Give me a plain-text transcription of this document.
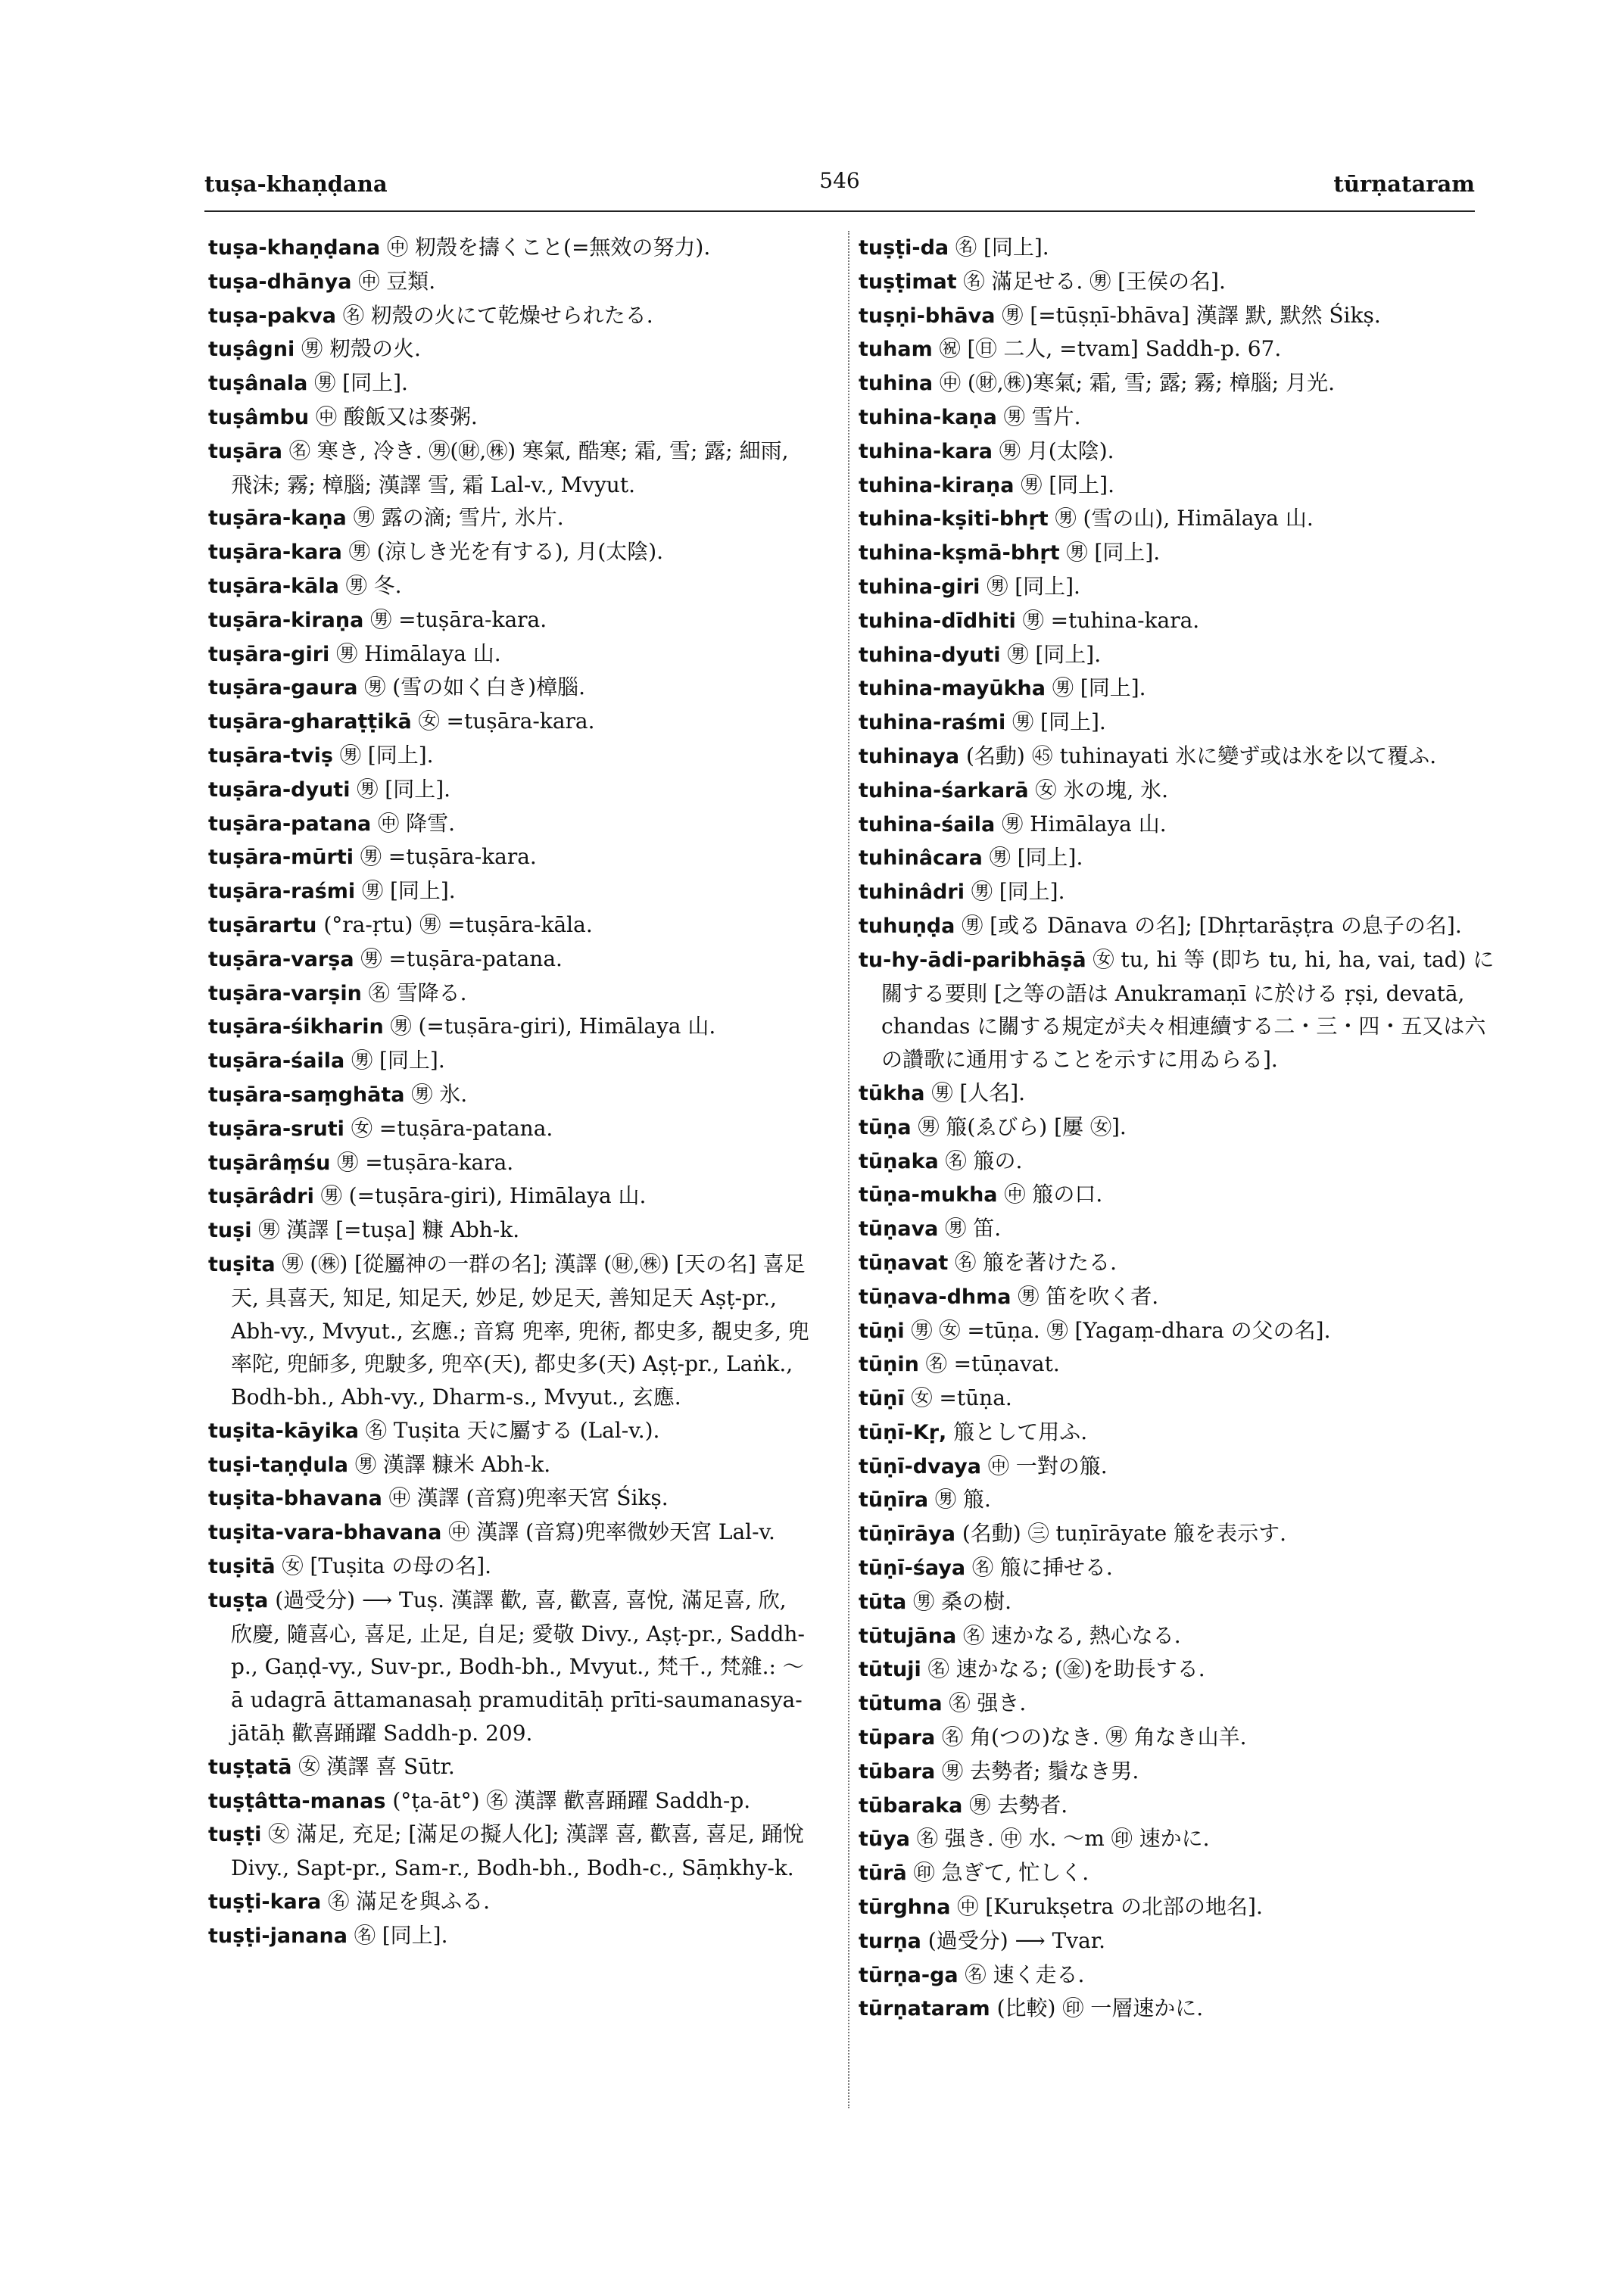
tuṣa-khaṇḍana	546	tūrṇataram

tuṣa-khaṇḍana ㊥ 籾殼を擣くこと(=無效の努力).

tuṣa-dhānya ㊥ 豆類.

tuṣa-pakva ㊔ 籾殼の火にて乾燥せられたる.

tuṣâgni ㊚ 籾殼の火.

tuṣânala ㊚ [同上].

tuṣâmbu ㊥ 酸飯又は麥粥.

tuṣāra ㊔ 寒き, 冷き. ㊚(㊖,㊑) 寒氣, 酷寒; 霜, 雪; 露; 細雨, 飛沫; 霧; 樟腦; 漢譯 雪, 霜 Lal-v., Mvyut.

tuṣāra-kaṇa ㊚ 露の滴; 雪片, 氷片.

tuṣāra-kara ㊚ (涼しき光を有する), 月(太陰).

tuṣāra-kāla ㊚ 冬.

tuṣāra-kiraṇa ㊚ =tuṣāra-kara.

tuṣāra-giri ㊚ Himālaya 山.

tuṣāra-gaura ㊚ (雪の如く白き)樟腦.

tuṣāra-gharaṭṭikā ㊛ =tuṣāra-kara.

tuṣāra-tviṣ ㊚ [同上].

tuṣāra-dyuti ㊚ [同上].

tuṣāra-patana ㊥ 降雪.

tuṣāra-mūrti ㊚ =tuṣāra-kara.

tuṣāra-raśmi ㊚ [同上].

tuṣārartu (°ra-ṛtu) ㊚ =tuṣāra-kāla.

tuṣāra-varṣa ㊚ =tuṣāra-patana.

tuṣāra-varṣin ㊔ 雪降る.

tuṣāra-śikharin ㊚ (=tuṣāra-giri), Himālaya 山.

tuṣāra-śaila ㊚ [同上].

tuṣāra-saṃghāta ㊚ 氷.

tuṣāra-sruti ㊛ =tuṣāra-patana.

tuṣārâṃśu ㊚ =tuṣāra-kara.

tuṣārâdri ㊚ (=tuṣāra-giri), Himālaya 山.

tuṣi ㊚ 漢譯 [=tuṣa] 糠 Abh-k.

tuṣita ㊚ (㊑) [從屬神の一群の名]; 漢譯 (㊖,㊑) [天の名] 喜足天, 具喜天, 知足, 知足天, 妙足, 妙足天, 善知足天 Aṣṭ-pr., Abh-vy., Mvyut., 玄應.; 音寫 兜率, 兜術, 都史多, 覩史多, 兜率陀, 兜師多, 兜駛多, 兜卒(天), 都史多(天) Aṣṭ-pr., Laṅk., Bodh-bh., Abh-vy., Dharm-s., Mvyut., 玄應.

tuṣita-kāyika ㊔ Tuṣita 天に屬する (Lal-v.).

tuṣi-taṇḍula ㊚ 漢譯 糠米 Abh-k.

tuṣita-bhavana ㊥ 漢譯 (音寫)兜率天宮 Śikṣ.

tuṣita-vara-bhavana ㊥ 漢譯 (音寫)兜率微妙天宮 Lal-v.

tuṣitā ㊛ [Tuṣita の母の名].

tuṣṭa (過受分) ⟶ Tuṣ. 漢譯 歡, 喜, 歡喜, 喜悅, 滿足喜, 欣, 欣慶, 隨喜心, 喜足, 止足, 自足; 愛敬 Divy., Aṣṭ-pr., Saddh-p., Gaṇḍ-vy., Suv-pr., Bodh-bh., Mvyut., 梵千., 梵雜.: ～ā udagrā āttamanasaḥ pramuditāḥ prīti-saumanasya-jātāḥ 歡喜踊躍 Saddh-p. 209.

tuṣṭatā ㊛ 漢譯 喜 Sūtr.

tuṣṭâtta-manas (°ṭa-āt°) ㊔ 漢譯 歡喜踊躍 Saddh-p.

tuṣṭi ㊛ 滿足, 充足; [滿足の擬人化]; 漢譯 喜, 歡喜, 喜足, 踊悅 Divy., Sapt-pr., Sam-r., Bodh-bh., Bodh-c., Sāṃkhy-k.

tuṣṭi-kara ㊔ 滿足を與ふる.

tuṣṭi-janana ㊔ [同上].

tuṣṭi-da ㊔ [同上].

tuṣṭimat ㊔ 滿足せる. ㊚ [王侯の名].

tuṣṇi-bhāva ㊚ [=tūṣṇī-bhāva] 漢譯 默, 默然 Śikṣ.

tuham ㊗ [㊐ 二人, =tvam] Saddh-p. 67.

tuhina ㊥ (㊖,㊑)寒氣; 霜, 雪; 露; 霧; 樟腦; 月光.

tuhina-kaṇa ㊚ 雪片.

tuhina-kara ㊚ 月(太陰).

tuhina-kiraṇa ㊚ [同上].

tuhina-kṣiti-bhṛt ㊚ (雪の山), Himālaya 山.

tuhina-kṣmā-bhṛt ㊚ [同上].

tuhina-giri ㊚ [同上].

tuhina-dīdhiti ㊚ =tuhina-kara.

tuhina-dyuti ㊚ [同上].

tuhina-mayūkha ㊚ [同上].

tuhina-raśmi ㊚ [同上].

tuhinaya (名動) ㊺ tuhinayati 氷に變ず或は氷を以て覆ふ.

tuhina-śarkarā ㊛ 氷の塊, 氷.

tuhina-śaila ㊚ Himālaya 山.

tuhinâcara ㊚ [同上].

tuhinâdri ㊚ [同上].

tuhuṇḍa ㊚ [或る Dānava の名]; [Dhṛtarāṣṭra の息子の名].

tu-hy-ādi-paribhāṣā ㊛ tu, hi 等 (即ち tu, hi, ha, vai, tad) に關する要則 [之等の語は Anukramaṇī に於ける ṛṣi, devatā, chandas に關する規定が夫々相連續する二・三・四・五又は六の讚歌に通用することを示すに用ゐらる].

tūkha ㊚ [人名].

tūṇa ㊚ 箙(ゑびら) [屢 ㊛].

tūṇaka ㊔ 箙の.

tūṇa-mukha ㊥ 箙の口.

tūṇava ㊚ 笛.

tūṇavat ㊔ 箙を著けたる.

tūṇava-dhma ㊚ 笛を吹く者.

tūṇi ㊚ ㊛ =tūṇa. ㊚ [Yagaṃ-dhara の父の名].

tūṇin ㊔ =tūṇavat.

tūṇī ㊛ =tūṇa.

tūṇī-Kṛ, 箙として用ふ.

tūṇī-dvaya ㊥ 一對の箙.

tūṇīra ㊚ 箙.

tūṇīrāya (名動) ㊂ tuṇīrāyate 箙を表示す.

tūṇī-śaya ㊔ 箙に挿せる.

tūta ㊚ 桑の樹.

tūtujāna ㊔ 速かなる, 熱心なる.

tūtuji ㊔ 速かなる; (㊎)を助長する.

tūtuma ㊔ 强き.

tūpara ㊔ 角(つの)なき. ㊚ 角なき山羊.

tūbara ㊚ 去勢者; 鬚なき男.

tūbaraka ㊚ 去勢者.

tūya ㊔ 强き. ㊥ 水. ～m ㊞ 速かに.

tūrā ㊞ 急ぎて, 忙しく.

tūrghna ㊥ [Kurukṣetra の北部の地名].

turṇa (過受分) ⟶ Tvar.

tūrṇa-ga ㊔ 速く走る.

tūrṇataram (比較) ㊞ 一層速かに.
